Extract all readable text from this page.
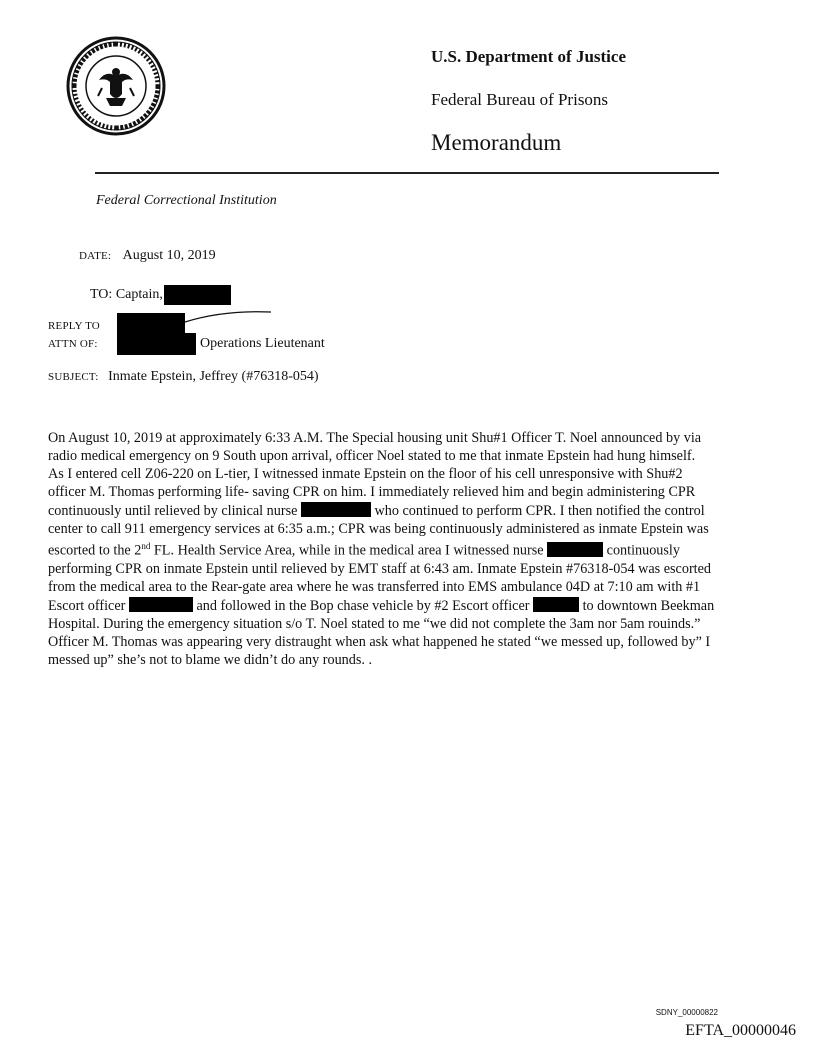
U.S. Department of Justice
Federal Bureau of Prisons
Memorandum
Federal Correctional Institution
DATE: August 10, 2019
TO: Captain,
REPLY TO
ATTN OF:	Operations Lieutenant
SUBJECT: Inmate Epstein, Jeffrey (#76318-054)
On August 10, 2019 at approximately 6:33 A.M. The Special housing unit Shu#1 Officer T. Noel announced by via
radio medical emergency on 9 South upon arrival, officer Noel stated to me that inmate Epstein had hung himself.
As I entered cell Z06-220 on L-tier, I witnessed inmate Epstein on the floor of his cell unresponsive with Shu#2
officer M. Thomas performing life- saving CPR on him. I immediately relieved him and begin administering CPR
continuously until relieved by clinical nurse	who continued to perform CPR. I then notified the control
center to call 911 emergency services at 6:35 a.m.; CPR was being continuously administered as inmate Epstein was
escorted to the 2nd FL. Health Service Area, while in the medical area I witnessed nurse	continuously
performing CPR on inmate Epstein until relieved by EMT staff at 6:43 am. Inmate Epstein #76318-054 was escorted
from the medical area to the Rear-gate area where he was transferred into EMS ambulance 04D at 7:10 am with #1
Escort officer	and followed in the Bop chase vehicle by #2 Escort officer	to downtown Beekman
Hospital. During the emergency situation s/o T. Noel stated to me “we did not complete the 3am nor 5am rouinds.”
Officer M. Thomas was appearing very distraught when ask what happened he stated “we messed up, followed by” I
messed up” she’s not to blame we didn’t do any rounds. .
SDNY_00000822
EFTA_00000046
